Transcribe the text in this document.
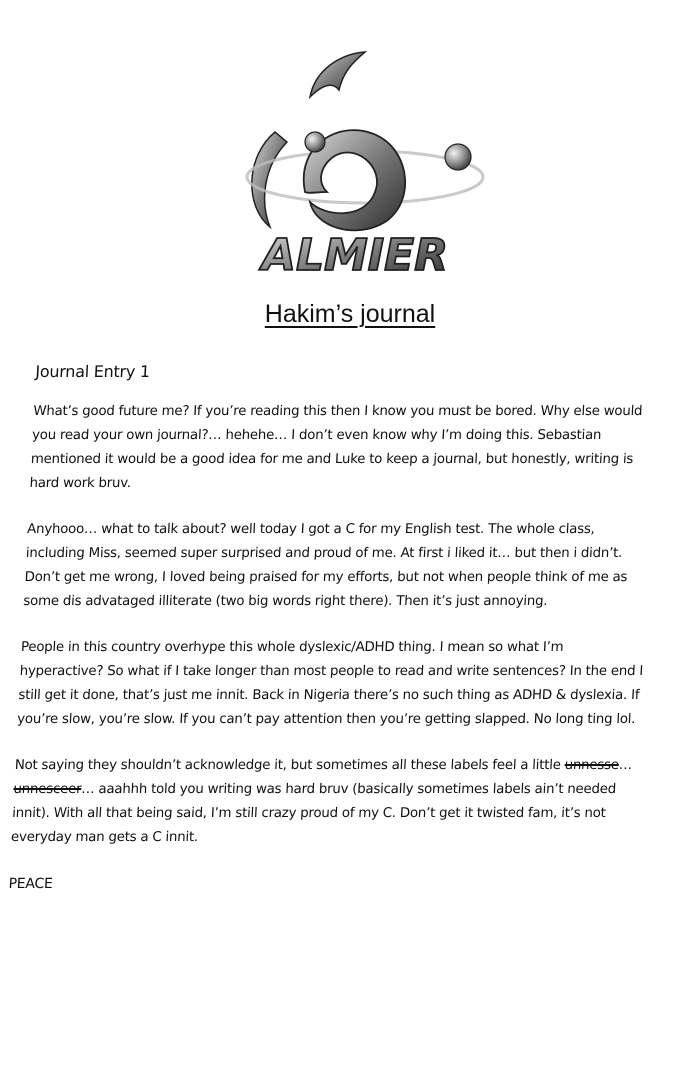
ALMIER
Hakim’s journal
Journal Entry 1

What’s good future me? If you’re reading this then I know you must be bored. Why else would you read your own journal?… hehehe… I don’t even know why I’m doing this. Sebastian mentioned it would be a good idea for me and Luke to keep a journal, but honestly, writing is hard work bruv.

Anyhooo… what to talk about? well today I got a C for my English test. The whole class, including Miss, seemed super surprised and proud of me. At first i liked it… but then i didn’t. Don’t get me wrong, I loved being praised for my efforts, but not when people think of me as some dis advataged illiterate (two big words right there). Then it’s just annoying.

People in this country overhype this whole dyslexic/ADHD thing. I mean so what I’m hyperactive? So what if I take longer than most people to read and write sentences? In the end I still get it done, that’s just me innit. Back in Nigeria there’s no such thing as ADHD & dyslexia. If you’re slow, you’re slow. If you can’t pay attention then you’re getting slapped. No long ting lol.

Not saying they shouldn’t acknowledge it, but sometimes all these labels feel a little unnesse… unnesceer… aaahhh told you writing was hard bruv (basically sometimes labels ain’t needed innit). With all that being said, I’m still crazy proud of my C. Don’t get it twisted fam, it’s not everyday man gets a C innit.

PEACE
